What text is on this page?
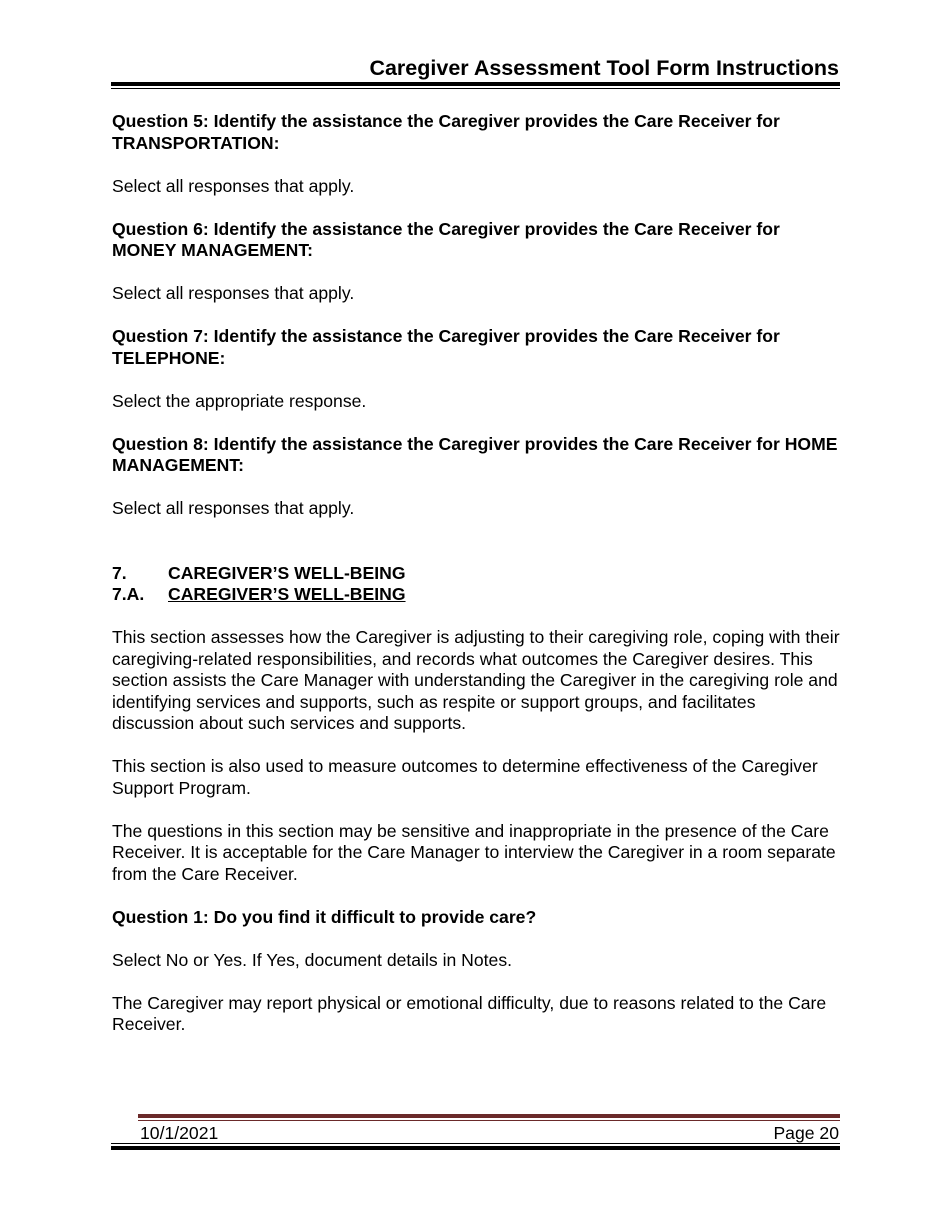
Caregiver Assessment Tool Form Instructions

Question 5: Identify the assistance the Caregiver provides the Care Receiver for TRANSPORTATION:

Select all responses that apply.

Question 6: Identify the assistance the Caregiver provides the Care Receiver for MONEY MANAGEMENT:

Select all responses that apply.

Question 7: Identify the assistance the Caregiver provides the Care Receiver for TELEPHONE:

Select the appropriate response.

Question 8: Identify the assistance the Caregiver provides the Care Receiver for HOME MANAGEMENT:

Select all responses that apply.

7. CAREGIVER’S WELL-BEING
7.A. CAREGIVER’S WELL-BEING

This section assesses how the Caregiver is adjusting to their caregiving role, coping with their caregiving-related responsibilities, and records what outcomes the Caregiver desires. This section assists the Care Manager with understanding the Caregiver in the caregiving role and identifying services and supports, such as respite or support groups, and facilitates discussion about such services and supports.

This section is also used to measure outcomes to determine effectiveness of the Caregiver Support Program.

The questions in this section may be sensitive and inappropriate in the presence of the Care Receiver. It is acceptable for the Care Manager to interview the Caregiver in a room separate from the Care Receiver.

Question 1: Do you find it difficult to provide care?

Select No or Yes. If Yes, document details in Notes.

The Caregiver may report physical or emotional difficulty, due to reasons related to the Care Receiver.

10/1/2021	Page 20
